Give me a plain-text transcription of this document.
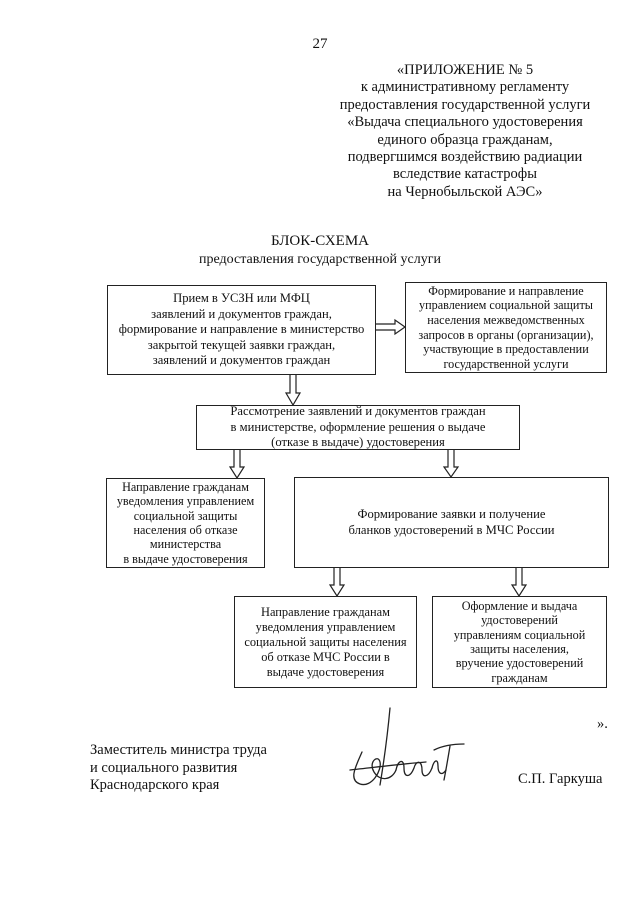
27
«ПРИЛОЖЕНИЕ № 5
к административному регламенту
предоставления государственной услуги
«Выдача специального удостоверения
единого образца гражданам,
подвергшимся воздействию радиации
вследствие катастрофы
на Чернобыльской АЭС»
БЛОК-СХЕМА
предоставления государственной услуги
Прием в УСЗН или МФЦ
заявлений и документов граждан,
формирование и направление в министерство
закрытой текущей заявки граждан,
заявлений и документов граждан
Формирование и направление
управлением социальной защиты
населения межведомственных
запросов в органы (организации),
участвующие в предоставлении
государственной услуги
Рассмотрение заявлений и документов граждан
в министерстве, оформление решения о выдаче
(отказе в выдаче) удостоверения
Направление гражданам
уведомления управлением
социальной защиты
населения об отказе
министерства
в выдаче удостоверения
Формирование заявки и получение
бланков удостоверений в МЧС России
Направление гражданам
уведомления управлением
социальной защиты населения
об отказе МЧС России в
выдаче удостоверения
Оформление и выдача
удостоверений
управлениям социальной
защиты населения,
вручение удостоверений
гражданам
».
Заместитель министра труда
и социального развития
Краснодарского края	С.П. Гаркуша
